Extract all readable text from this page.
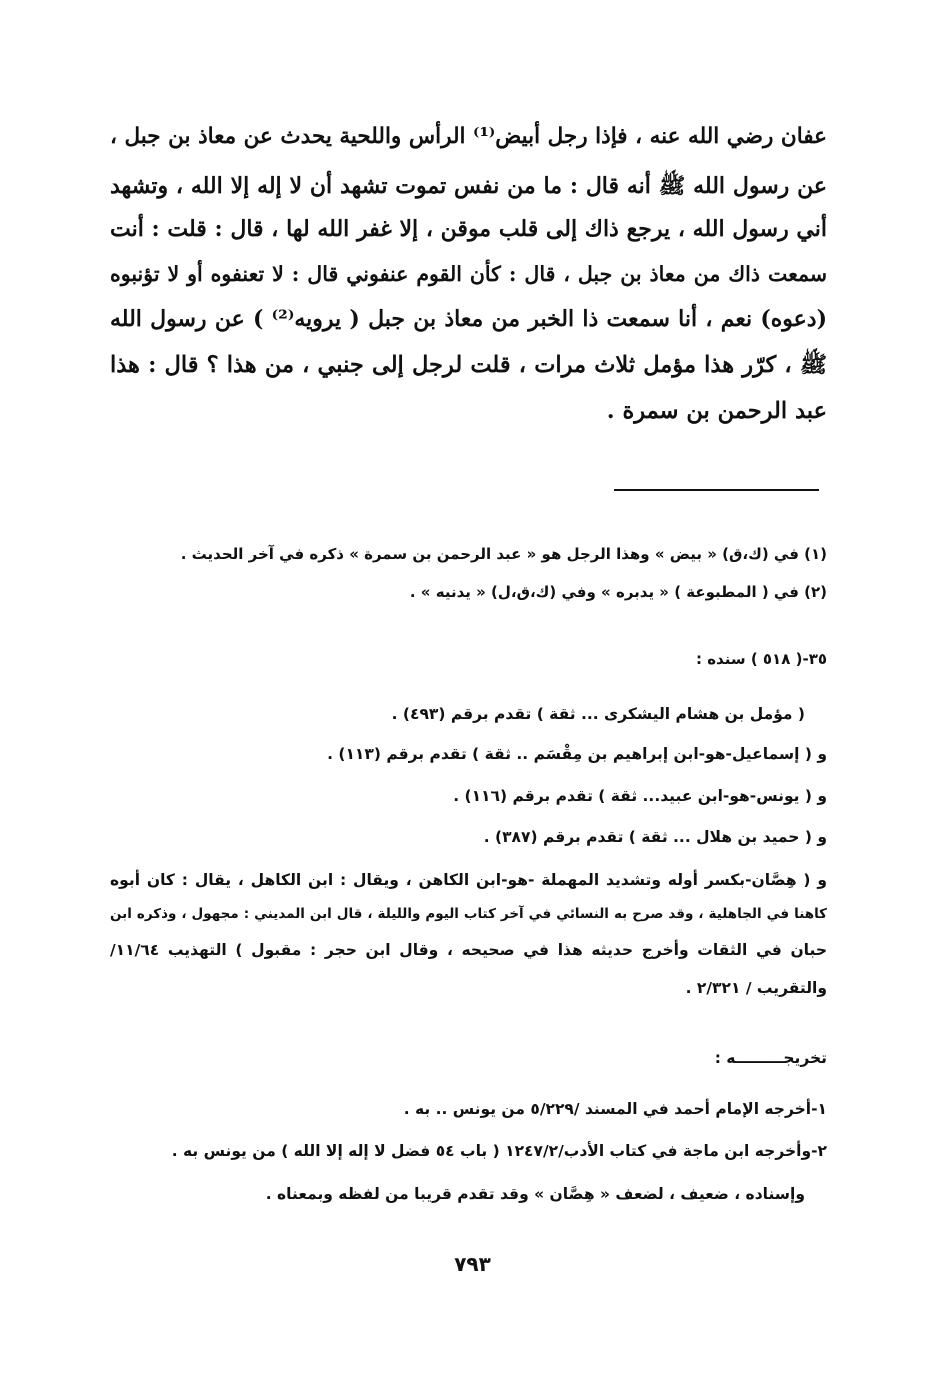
عفان رضي الله عنه ، فإذا رجل أبيض⁽¹⁾ الرأس واللحية يحدث عن معاذ بن جبل ،
عن رسول الله ﷺ أنه قال : ما من نفس تموت تشهد أن لا إله إلا الله ، وتشهد
أني رسول الله ، يرجع ذاك إلى قلب موقن ، إلا غفر الله لها ، قال : قلت : أنت
سمعت ذاك من معاذ بن جبل ، قال : كأن القوم عنفوني قال : لا تعنفوه أو لا تؤنبوه
(دعوه) نعم ، أنا سمعت ذا الخبر من معاذ بن جبل ( يرويه⁽²⁾ ) عن رسول الله
ﷺ ، كرّر هذا مؤمل ثلاث مرات ، قلت لرجل إلى جنبي ، من هذا ؟ قال : هذا
عبد الرحمن بن سمرة .
(١) في (ك،ق) « بيض » وهذا الرجل هو « عبد الرحمن بن سمرة » ذكره في آخر الحديث .
(٢) في ( المطبوعة ) « يدبره » وفي (ك،ق،ل) « يدنيه » .
٣٥-( ٥١٨ ) سنده :
( مؤمل بن هشام اليشكرى ... ثقة ) تقدم برقم (٤٩٣) .
و ( إسماعيل-هو-ابن إبراهيم بن مِقْسَم .. ثقة ) تقدم برقم (١١٣) .
و ( يونس-هو-ابن عبيد... ثقة ) تقدم برقم (١١٦) .
و ( حميد بن هلال ... ثقة ) تقدم برقم (٣٨٧) .
و ( هِصَّان-بكسر أوله وتشديد المهملة -هو-ابن الكاهن ، ويقال : ابن الكاهل ، يقال : كان أبوه
كاهنا في الجاهلية ، وقد صرح به النسائي في آخر كتاب اليوم والليلة ، قال ابن المديني : مجهول ، وذكره ابن
حبان في الثقات وأخرج حديثه هذا في صحيحه ، وقال ابن حجر : مقبول ) التهذيب ١١/٦٤/
والتقريب / ٢/٣٢١ .
تخريجـــــــــه :
١-أخرجه الإمام أحمد في المسند /٥/٢٢٩ من يونس .. به .
٢-وأخرجه ابن ماجة في كتاب الأدب/١٢٤٧/٢ ( باب ٥٤ فضل لا إله إلا الله ) من يونس به .
وإسناده ، ضعيف ، لضعف « هِصَّان » وقد تقدم قريبا من لفظه وبمعناه .
٧٩٣
